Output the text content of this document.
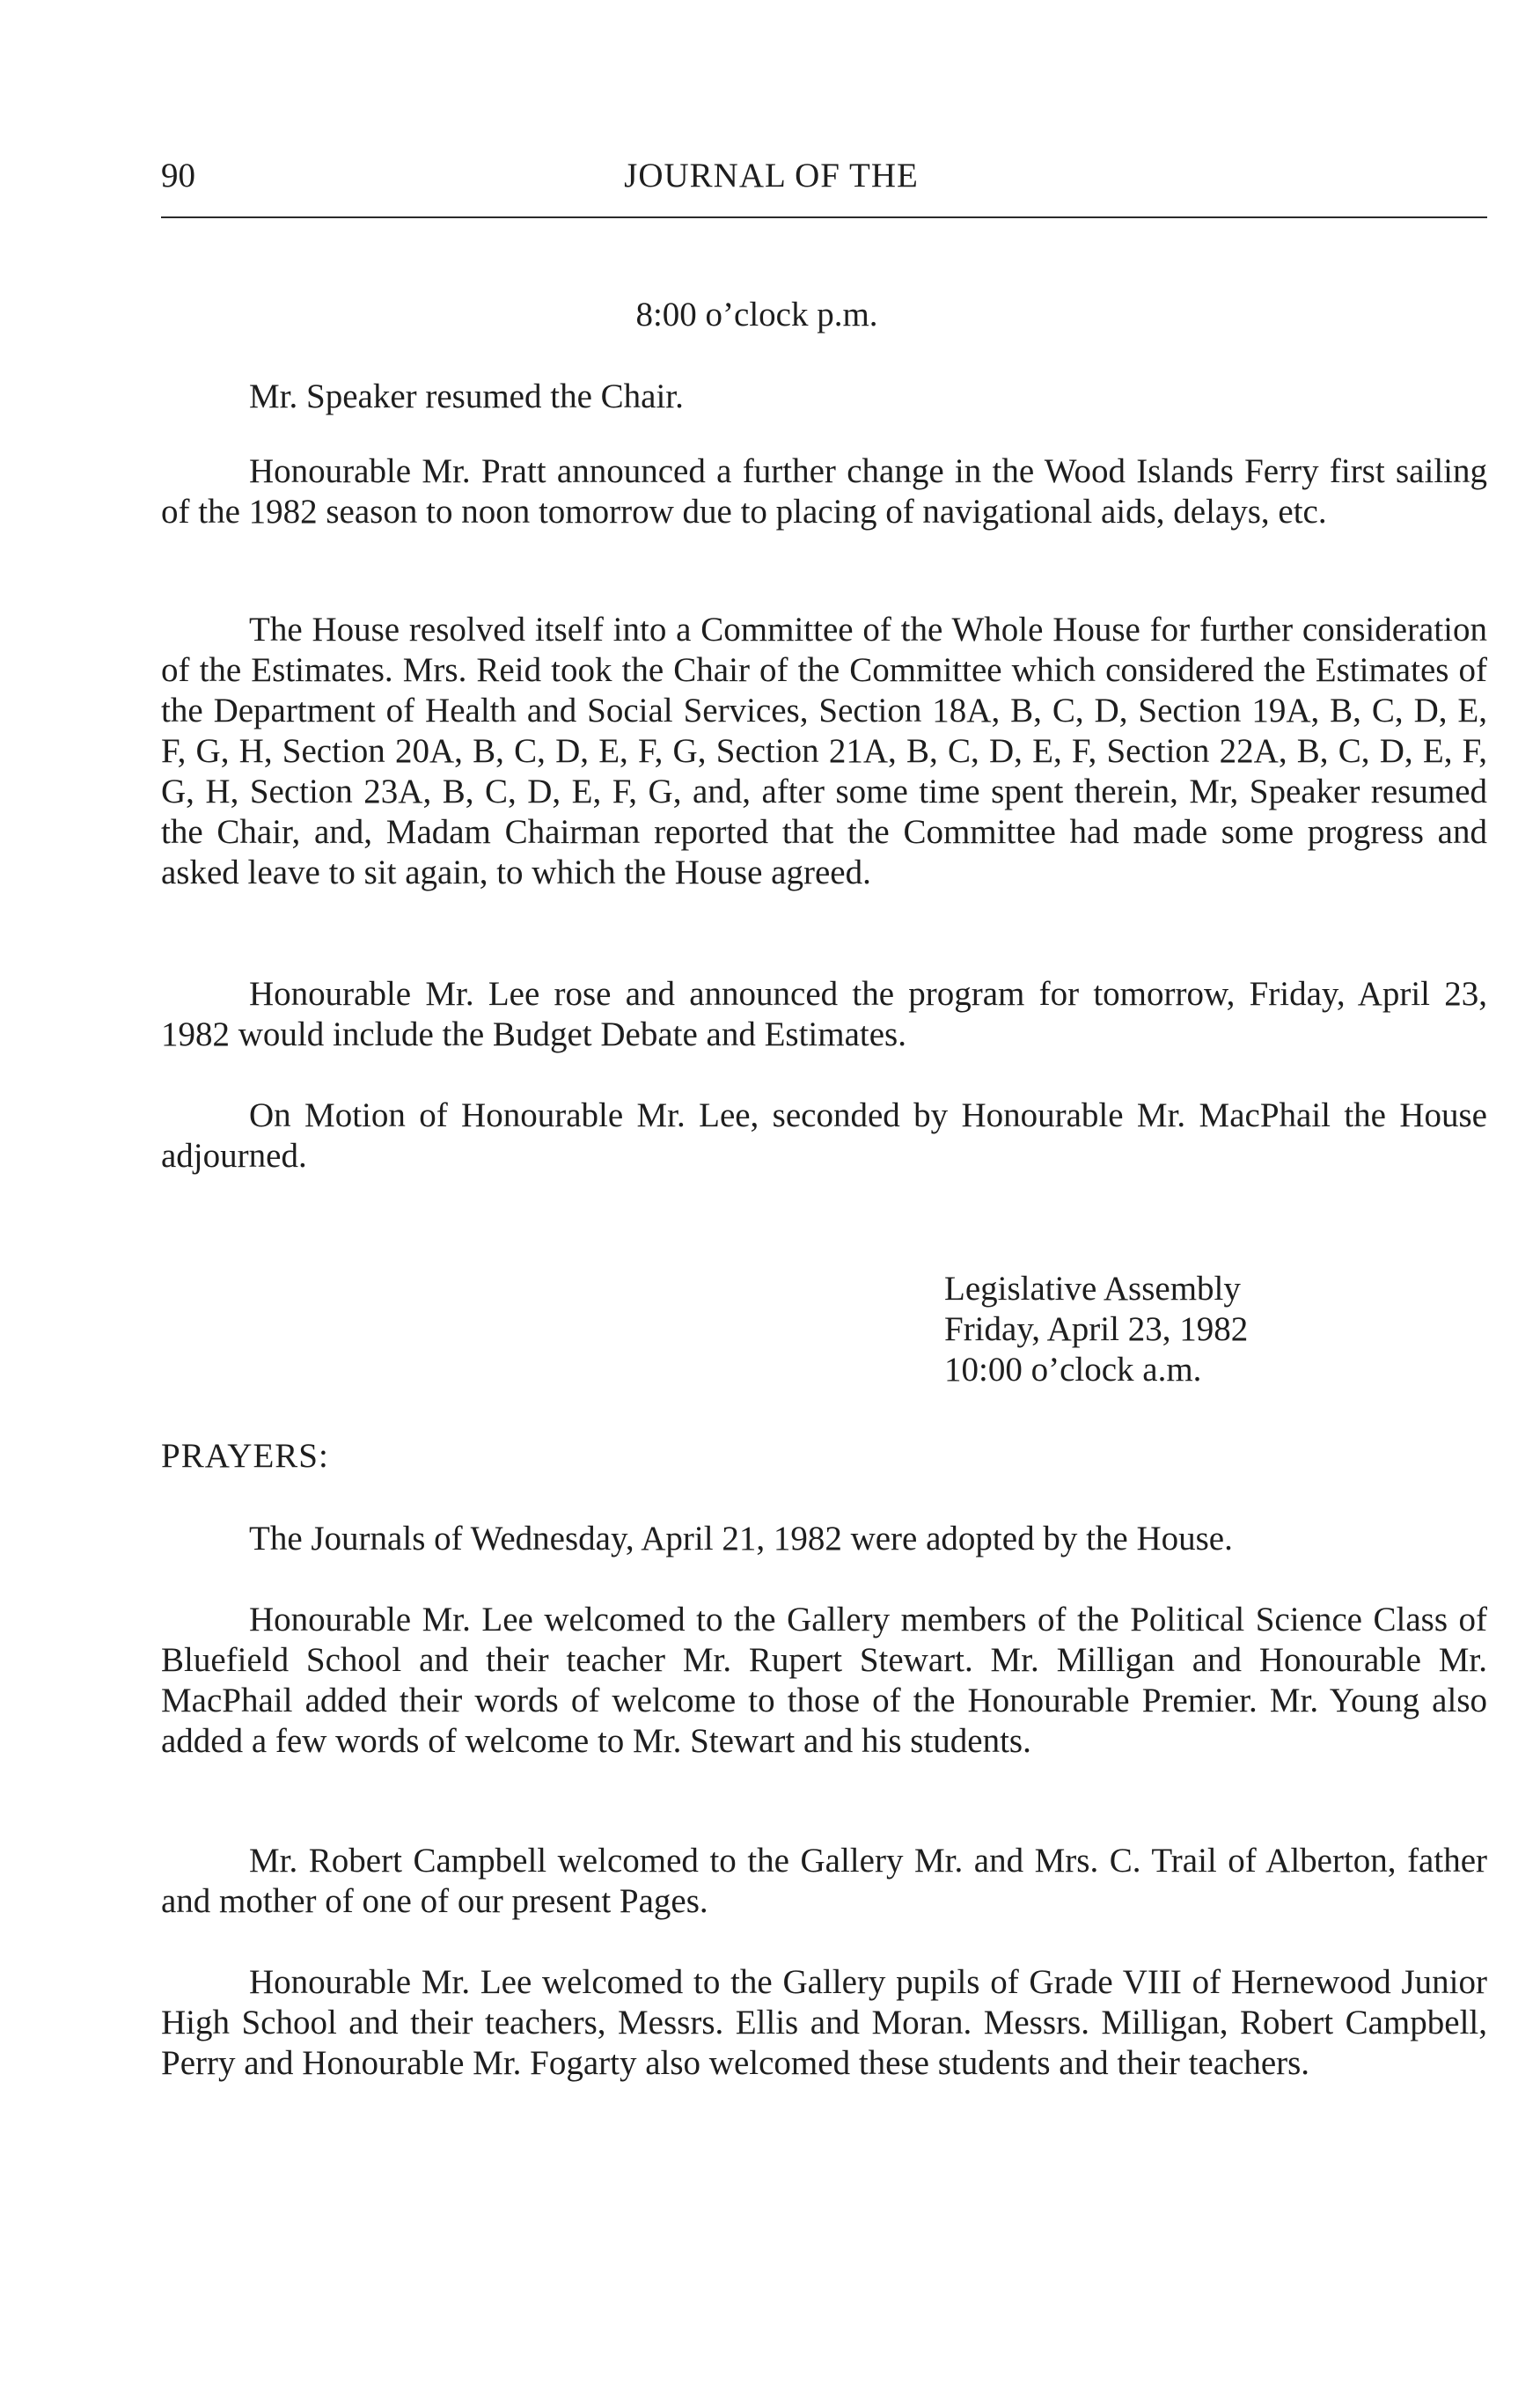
90	JOURNAL OF THE
8:00 o’clock p.m.

Mr. Speaker resumed the Chair.

Honourable Mr. Pratt announced a further change in the Wood Islands Ferry first sailing of the 1982 season to noon tomorrow due to placing of navigational aids, delays, etc.

The House resolved itself into a Committee of the Whole House for further consideration of the Estimates. Mrs. Reid took the Chair of the Committee which considered the Estimates of the Department of Health and Social Services, Section 18A, B, C, D, Section 19A, B, C, D, E, F, G, H, Section 20A, B, C, D, E, F, G, Section 21A, B, C, D, E, F, Section 22A, B, C, D, E, F, G, H, Section 23A, B, C, D, E, F, G, and, after some time spent therein, Mr, Speaker resumed the Chair, and, Madam Chairman reported that the Committee had made some progress and asked leave to sit again, to which the House agreed.

Honourable Mr. Lee rose and announced the program for tomorrow, Friday, April 23, 1982 would include the Budget Debate and Estimates.

On Motion of Honourable Mr. Lee, seconded by Honourable Mr. MacPhail the House adjourned.

Legislative Assembly
Friday, April 23, 1982
10:00 o’clock a.m.
PRAYERS:

The Journals of Wednesday, April 21, 1982 were adopted by the House.

Honourable Mr. Lee welcomed to the Gallery members of the Political Science Class of Bluefield School and their teacher Mr. Rupert Stewart. Mr. Milligan and Honourable Mr. MacPhail added their words of welcome to those of the Honourable Premier. Mr. Young also added a few words of welcome to Mr. Stewart and his students.

Mr. Robert Campbell welcomed to the Gallery Mr. and Mrs. C. Trail of Alberton, father and mother of one of our present Pages.

Honourable Mr. Lee welcomed to the Gallery pupils of Grade VIII of Hernewood Junior High School and their teachers, Messrs. Ellis and Moran. Messrs. Milligan, Robert Campbell, Perry and Honourable Mr. Fogarty also welcomed these students and their teachers.
